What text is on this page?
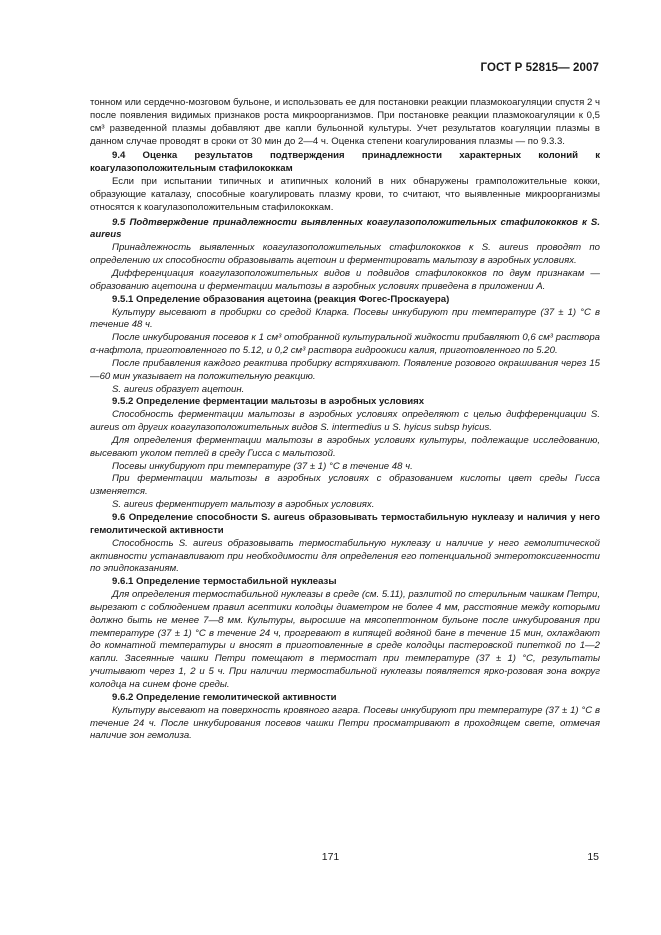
ГОСТ Р 52815— 2007

тонном или сердечно-мозговом бульоне, и использовать ее для постановки реакции плазмокоагуляции спустя 2 ч после появления видимых признаков роста микроорганизмов. При постановке реакции плазмокоагуляции к 0,5 см³ разведенной плазмы добавляют две капли бульонной культуры. Учет результатов коагуляции плазмы в данном случае проводят в сроки от 30 мин до 2—4 ч. Оценка степени коагулирования плазмы — по 9.3.3.

9.4 Оценка результатов подтверждения принадлежности характерных колоний к коагулазоположительным стафилококкам

Если при испытании типичных и атипичных колоний в них обнаружены грамположительные кокки, образующие каталазу, способные коагулировать плазму крови, то считают, что выявленные микроорганизмы относятся к коагулазоположительным стафилококкам.

9.5 Подтверждение принадлежности выявленных коагулазоположительных стафилококков к S. aureus

Принадлежность выявленных коагулазоположительных стафилококков к S. aureus проводят по определению их способности образовывать ацетоин и ферментировать мальтозу в аэробных условиях.

Дифференциация коагулазоположительных видов и подвидов стафилококков по двум признакам — образованию ацетоина и ферментации мальтозы в аэробных условиях приведена в приложении А.

9.5.1 Определение образования ацетоина (реакция Фогес-Проскауера)

Культуру высевают в пробирки со средой Кларка. Посевы инкубируют при температуре (37 ± 1) °С в течение 48 ч.

После инкубирования посевов к 1 см³ отобранной культуральной жидкости прибавляют 0,6 см³ раствора α-нафтола, приготовленного по 5.12, и 0,2 см³ раствора гидроокиси калия, приготовленного по 5.20.

После прибавления каждого реактива пробирку встряхивают. Появление розового окрашивания через 15—60 мин указывает на положительную реакцию.

S. aureus образует ацетоин.

9.5.2 Определение ферментации мальтозы в аэробных условиях

Способность ферментации мальтозы в аэробных условиях определяют с целью дифференциации S. aureus от других коагулазоположительных видов S. intermedius и S. hyicus subsp hyicus.

Для определения ферментации мальтозы в аэробных условиях культуры, подлежащие исследованию, высевают уколом петлей в среду Гисса с мальтозой.

Посевы инкубируют при температуре (37 ± 1) °С в течение 48 ч.

При ферментации мальтозы в аэробных условиях с образованием кислоты цвет среды Гисса изменяется.

S. aureus ферментирует мальтозу в аэробных условиях.

9.6 Определение способности S. aureus образовывать термостабильную нуклеазу и наличия у него гемолитической активности

Способность S. aureus образовывать термостабильную нуклеазу и наличие у него гемолитической активности устанавливают при необходимости для определения его потенциальной энтеротоксигенности по эпидпоказаниям.

9.6.1 Определение термостабильной нуклеазы

Для определения термостабильной нуклеазы в среде (см. 5.11), разлитой по стерильным чашкам Петри, вырезают с соблюдением правил асептики колодцы диаметром не более 4 мм, расстояние между которыми должно быть не менее 7—8 мм. Культуры, выросшие на мясопептонном бульоне после инкубирования при температуре (37 ± 1) °С в течение 24 ч, прогревают в кипящей водяной бане в течение 15 мин, охлаждают до комнатной температуры и вносят в приготовленные в среде колодцы пастеровской пипеткой по 1—2 капли. Засеянные чашки Петри помещают в термостат при температуре (37 ± 1) °С, результаты учитывают через 1, 2 и 5 ч. При наличии термостабильной нуклеазы появляется ярко-розовая зона вокруг колодца на синем фоне среды.

9.6.2 Определение гемолитической активности

Культуру высевают на поверхность кровяного агара. Посевы инкубируют при температуре (37 ± 1) °С в течение 24 ч. После инкубирования посевов чашки Петри просматривают в проходящем свете, отмечая наличие зон гемолиза.

171	15
